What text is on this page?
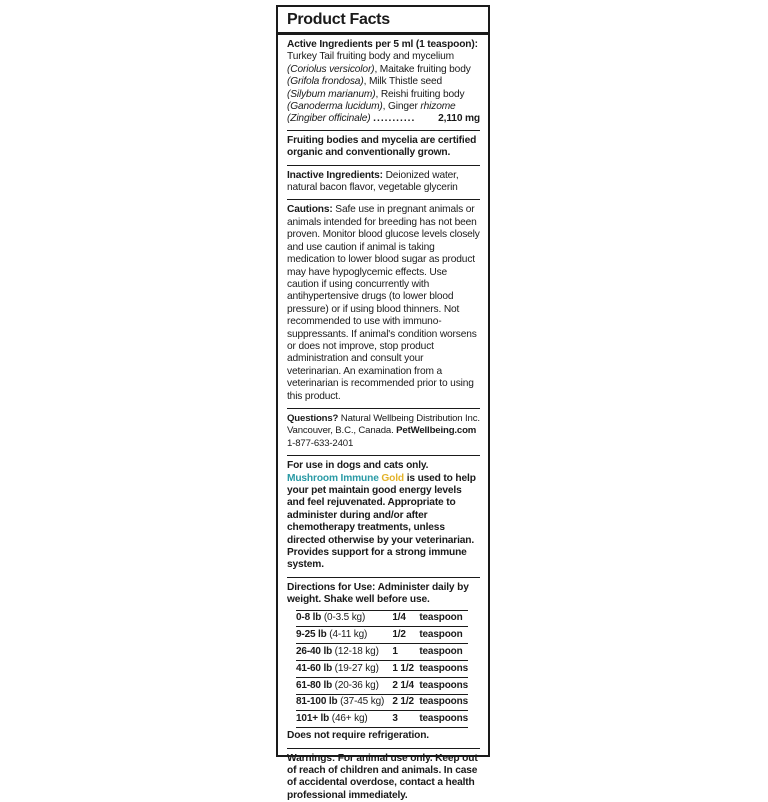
Product Facts
Active Ingredients per 5 ml (1 teaspoon):
Turkey Tail fruiting body and mycelium
(Coriolus versicolor), Maitake fruiting body
(Grifola frondosa), Milk Thistle seed
(Silybum marianum), Reishi fruiting body
(Ganoderma lucidum), Ginger rhizome
(Zingiber officinale) ........... 2,110 mg
Fruiting bodies and mycelia are certified organic and conventionally grown.
Inactive Ingredients: Deionized water, natural bacon flavor, vegetable glycerin
Cautions: Safe use in pregnant animals or animals intended for breeding has not been proven. Monitor blood glucose levels closely and use caution if animal is taking medication to lower blood sugar as product may have hypoglycemic effects. Use caution if using concurrently with antihypertensive drugs (to lower blood pressure) or if using blood thinners. Not recommended to use with immuno-suppressants. If animal's condition worsens or does not improve, stop product administration and consult your veterinarian. An examination from a veterinarian is recommended prior to using this product.
Questions? Natural Wellbeing Distribution Inc. Vancouver, B.C., Canada. PetWellbeing.com
1-877-633-2401
For use in dogs and cats only. Mushroom Immune Gold is used to help your pet maintain good energy levels and feel rejuvenated. Appropriate to administer during and/or after chemotherapy treatments, unless directed otherwise by your veterinarian. Provides support for a strong immune system.
Directions for Use: Administer daily by weight. Shake well before use.
0-8 lb (0-3.5 kg)	1/4	teaspoon
9-25 lb (4-11 kg)	1/2	teaspoon
26-40 lb (12-18 kg)	1	teaspoon
41-60 lb (19-27 kg)	1 1/2	teaspoons
61-80 lb (20-36 kg)	2 1/4	teaspoons
81-100 lb (37-45 kg)	2 1/2	teaspoons
101+ lb (46+ kg)	3	teaspoons
Does not require refrigeration.
Warnings: For animal use only. Keep out of reach of children and animals. In case of accidental overdose, contact a health professional immediately.
